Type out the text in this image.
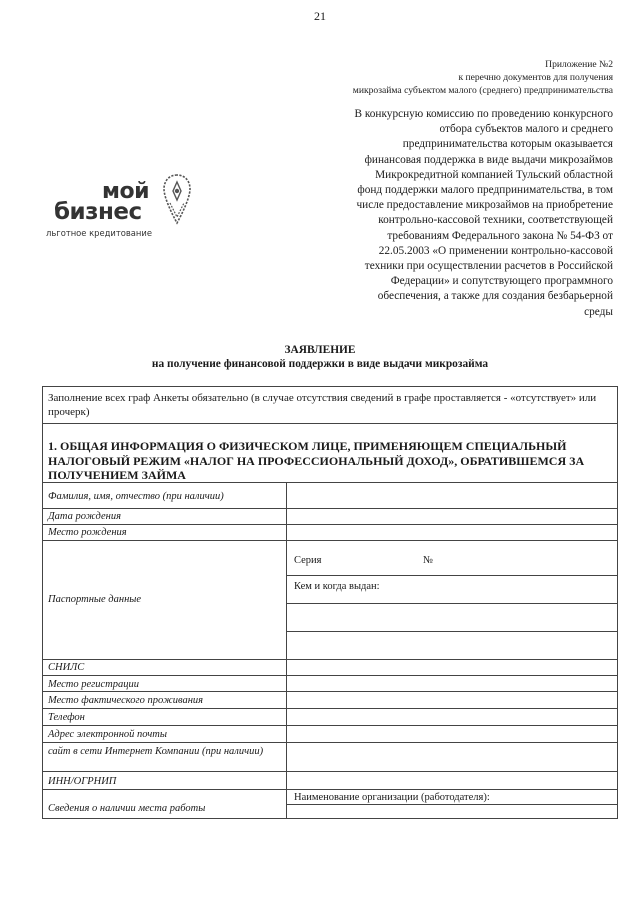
21
Приложение №2
к перечню документов для получения
микрозайма субъектом малого (среднего) предпринимательства
мой
бизнес
льготное кредитование
В конкурсную комиссию по проведению конкурсного
отбора субъектов малого и среднего
предпринимательства которым оказывается
финансовая поддержка в виде выдачи микрозаймов
Микрокредитной компанией Тульский областной
фонд поддержки малого предпринимательства, в том
числе предоставление микрозаймов на приобретение
контрольно-кассовой техники, соответствующей
требованиям Федерального закона № 54-ФЗ от
22.05.2003 «О применении контрольно-кассовой
техники при осуществлении расчетов в Российской
Федерации» и сопутствующего программного
обеспечения, а также для создания безбарьерной
среды
ЗАЯВЛЕНИЕ
на получение финансовой поддержки в виде выдачи микрозайма
Заполнение всех граф Анкеты обязательно (в случае отсутствия сведений в графе проставляется - «отсутствует» или прочерк)
1. ОБЩАЯ ИНФОРМАЦИЯ О ФИЗИЧЕСКОМ ЛИЦЕ, ПРИМЕНЯЮЩЕМ СПЕЦИАЛЬНЫЙ НАЛОГОВЫЙ РЕЖИМ «НАЛОГ НА ПРОФЕССИОНАЛЬНЫЙ ДОХОД», ОБРАТИВШЕМСЯ ЗА ПОЛУЧЕНИЕМ ЗАЙМА
Фамилия, имя, отчество (при наличии)
Дата рождения
Место рождения
Паспортные данные
Серия	№
Кем и когда выдан:
СНИЛС
Место регистрации
Место фактического проживания
Телефон
Адрес электронной почты
сайт в сети Интернет Компании (при наличии)
ИНН/ОГРНИП
Сведения о наличии места работы
Наименование организации (работодателя):
